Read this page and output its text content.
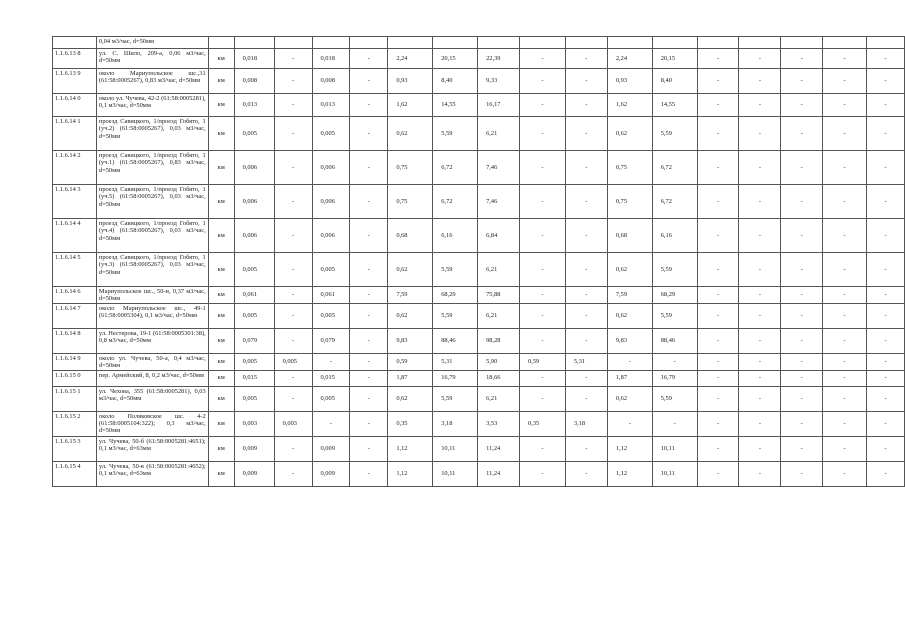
	0,04 м3/час, d=50мм																	
1.1.6.13 8	ул. С. Шило, 209-а, 0,06 м3/час, d=50мм	км	0,018	-	0,018	-	2,24	20,15	22,39	-	-	2,24	20,15	-	-	-	-	-
1.1.6.13 9	около Мариупольское шс.,31 (61:58:0005267), 0,83 м3/час, d=50мм	км	0,008	-	0,008	-	0,93	8,40	9,33	-	-	0,93	8,40	-	-	-	-	-
1.1.6.14 0	около ул. Чучева, 42-2 (61:58:0005281), 0,1 м3/час, d=50мм	км	0,013	-	0,013	-	1,62	14,55	16,17	-	-	1,62	14,55	-	-	-	-	-
1.1.6.14 1	проезд Савицкого, 1/проезд Гобято, 1 (уч.2) (61:58:0005267), 0,03 м3/час, d=50мм	км	0,005	-	0,005	-	0,62	5,59	6,21	-	-	0,62	5,59	-	-	-	-	-
1.1.6.14 2	проезд Савицкого, 1/проезд Гобято, 1 (уч.1) (61:58:0005267), 0,83 м3/час, d=50мм	км	0,006	-	0,006	-	0,75	6,72	7,46	-	-	0,75	6,72	-	-	-	-	-
1.1.6.14 3	проезд Савицкого, 1/проезд Гобято, 1 (уч.5) (61:58:0005267), 0,03 м3/час, d=50мм	км	0,006	-	0,006	-	0,75	6,72	7,46	-	-	0,75	6,72	-	-	-	-	-
1.1.6.14 4	проезд Савицкого, 1/проезд Гобято, 1 (уч.4) (61:58:0005267), 0,03 м3/час, d=50мм	км	0,006	-	0,006	-	0,68	6,16	6,84	-	-	0,68	6,16	-	-	-	-	-
1.1.6.14 5	проезд Савицкого, 1/проезд Гобято, 1 (уч.3) (61:58:0005267), 0,03 м3/час, d=50мм	км	0,005	-	0,005	-	0,62	5,59	6,21	-	-	0,62	5,59	-	-	-	-	-
1.1.6.14 6	Мариупольское шс., 50-и, 0,37 м3/час, d=50мм	км	0,061	-	0,061	-	7,59	68,29	75,88	-	-	7,59	68,29	-	-	-	-	-
1.1.6.14 7	около Мариупольское шс., 49-1 (61:58:0005304), 0,1 м3/час, d=50мм	км	0,005	-	0,005	-	0,62	5,59	6,21	-	-	0,62	5,59	-	-	-	-	-
1.1.6.14 8	ул. Нестерова, 19-1 (61:58:0005301:38), 0,8 м3/час, d=50мм	км	0,079	-	0,079	-	9,83	88,46	98,28	-	-	9,83	88,46	-	-	-	-	-
1.1.6.14 9	около ул. Чучева, 50-а, 0,4 м3/час, d=50мм	км	0,005	0,005	-	-	0,59	5,31	5,90	0,59	5,31	-	-	-	-	-	-	-
1.1.6.15 0	пер. Армейский, 8, 0,2 м3/час, d=50мм	км	0,015	-	0,015	-	1,87	16,79	18,66	-	-	1,87	16,79	-	-	-	-	-
1.1.6.15 1	ул. Чехова, 355 (61:58:0005281), 0,03 м3/час, d=50мм	км	0,005	-	0,005	-	0,62	5,59	6,21	-	-	0,62	5,59	-	-	-	-	-
1.1.6.15 2	около Поляковское шс. 4-2 (61:58:0005104:322); 0,3 м3/час, d=50мм	км	0,003	0,003	-	-	0,35	3,18	3,53	0,35	3,18	-	-	-	-	-	-	-
1.1.6.15 3	ул. Чучева, 50-б (61:58:0005281:4651); 0,1 м3/час, d=63мм	км	0,009	-	0,009	-	1,12	10,11	11,24	-	-	1,12	10,11	-	-	-	-	-
1.1.6.15 4	ул. Чучева, 50-в (61:58:0005281:4652); 0,1 м3/час, d=63мм	км	0,009	-	0,009	-	1,12	10,11	11,24	-	-	1,12	10,11	-	-	-	-	-
